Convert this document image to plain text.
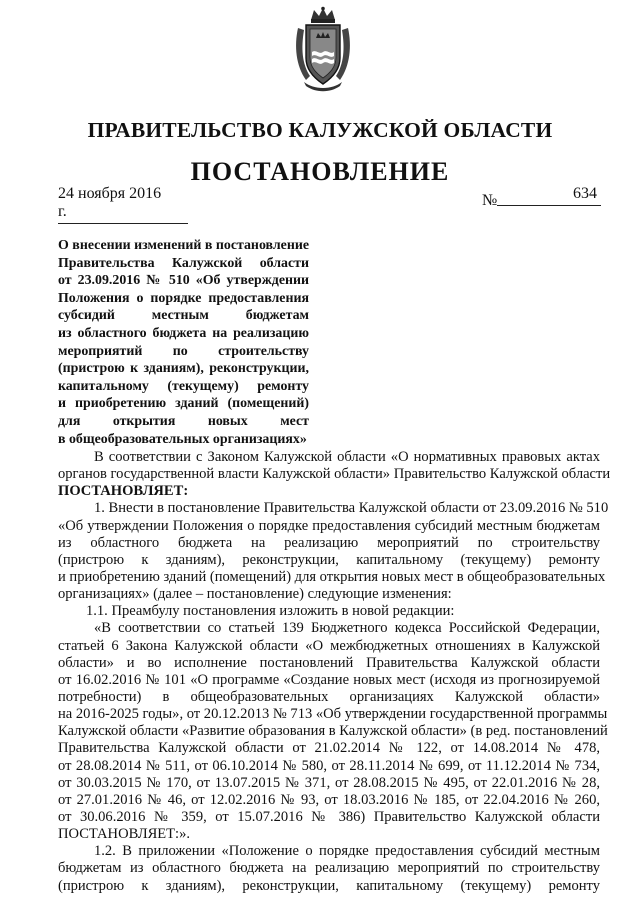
ПРАВИТЕЛЬСТВО КАЛУЖСКОЙ ОБЛАСТИ
ПОСТАНОВЛЕНИЕ
24 ноября 2016 г.
№	634
О внесении изменений в постановление
Правительства Калужской области
от 23.09.2016 № 510 «Об утверждении
Положения о порядке предоставления
субсидий местным бюджетам
из областного бюджета на реализацию
мероприятий по строительству
(пристрою к зданиям), реконструкции,
капитальному (текущему) ремонту
и приобретению зданий (помещений)
для открытия новых мест
в общеобразовательных организациях»
В соответствии с Законом Калужской области «О нормативных правовых актах
органов государственной власти Калужской области» Правительство Калужской области
ПОСТАНОВЛЯЕТ:
1. Внести в постановление Правительства Калужской области от 23.09.2016 № 510
«Об утверждении Положения о порядке предоставления субсидий местным бюджетам
из областного бюджета на реализацию мероприятий по строительству
(пристрою к зданиям), реконструкции, капитальному (текущему) ремонту
и приобретению зданий (помещений) для открытия новых мест в общеобразовательных
организациях» (далее – постановление) следующие изменения:
1.1. Преамбулу постановления изложить в новой редакции:
«В соответствии со статьей 139 Бюджетного кодекса Российской Федерации,
статьей 6 Закона Калужской области «О межбюджетных отношениях в Калужской
области» и во исполнение постановлений Правительства Калужской области
от 16.02.2016 № 101 «О программе «Создание новых мест (исходя из прогнозируемой
потребности) в общеобразовательных организациях Калужской области»
на 2016-2025 годы», от 20.12.2013 № 713 «Об утверждении государственной программы
Калужской области «Развитие образования в Калужской области» (в ред. постановлений
Правительства Калужской области от 21.02.2014 № 122, от 14.08.2014 № 478,
от 28.08.2014 № 511, от 06.10.2014 № 580, от 28.11.2014 № 699, от 11.12.2014 № 734,
от 30.03.2015 № 170, от 13.07.2015 № 371, от 28.08.2015 № 495, от 22.01.2016 № 28,
от 27.01.2016 № 46, от 12.02.2016 № 93, от 18.03.2016 № 185, от 22.04.2016 № 260,
от 30.06.2016 № 359, от 15.07.2016 № 386) Правительство Калужской области
ПОСТАНОВЛЯЕТ:».
1.2. В приложении «Положение о порядке предоставления субсидий местным
бюджетам из областного бюджета на реализацию мероприятий по строительству
(пристрою к зданиям), реконструкции, капитальному (текущему) ремонту
